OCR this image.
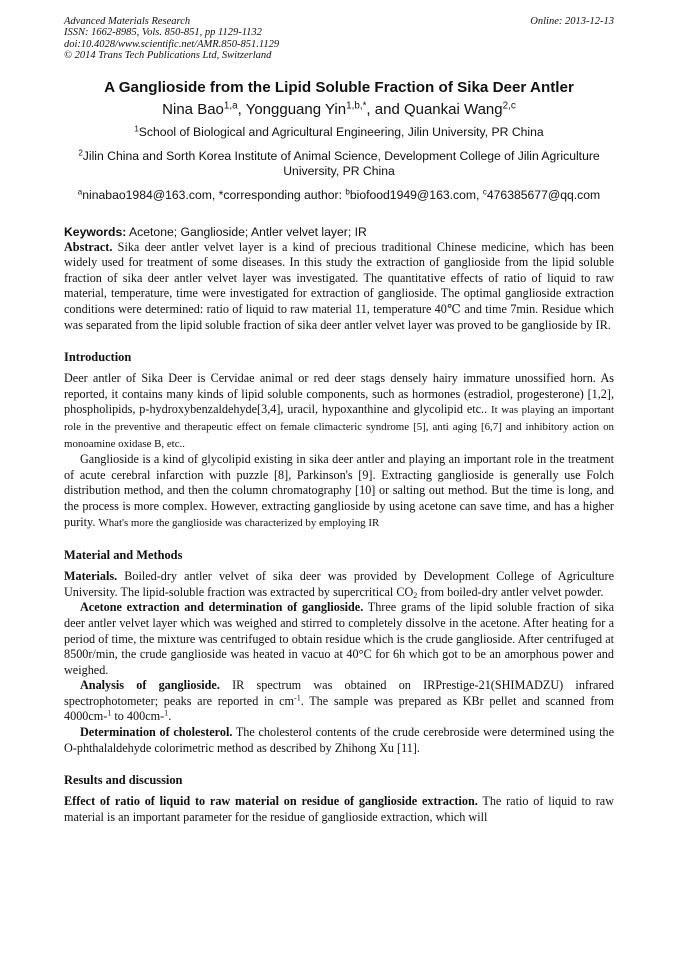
Advanced Materials Research
ISSN: 1662-8985, Vols. 850-851, pp 1129-1132
doi:10.4028/www.scientific.net/AMR.850-851.1129
© 2014 Trans Tech Publications Ltd, Switzerland
Online: 2013-12-13
A Ganglioside from the Lipid Soluble Fraction of Sika Deer Antler
Nina Bao$^{1,a}$, Yongguang Yin$^{1,b,*}$, and Quankai Wang$^{2,c}$
$^1$School of Biological and Agricultural Engineering, Jilin University, PR China
$^2$Jilin China and Sorth Korea Institute of Animal Science, Development College of Jilin Agriculture University, PR China
$^a$ninabao1984@163.com, *corresponding author: $^b$biofood1949@163.com, $^c$476385677@qq.com
Keywords: Acetone; Ganglioside; Antler velvet layer; IR

Abstract. Sika deer antler velvet layer is a kind of precious traditional Chinese medicine, which has been widely used for treatment of some diseases. In this study the extraction of ganglioside from the lipid soluble fraction of sika deer antler velvet layer was investigated. The quantitative effects of ratio of liquid to raw material, temperature, time were investigated for extraction of ganglioside. The optimal ganglioside extraction conditions were determined: ratio of liquid to raw material 11, temperature 40℃ and time 7min. Residue which was separated from the lipid soluble fraction of sika deer antler velvet layer was proved to be ganglioside by IR.

Introduction

Deer antler of Sika Deer is Cervidae animal or red deer stags densely hairy immature unossified horn. As reported, it contains many kinds of lipid soluble components, such as hormones (estradiol, progesterone) [1,2], phospholipids, p-hydroxybenzaldehyde[3,4], uracil, hypoxanthine and glycolipid etc.. It was playing an important role in the preventive and therapeutic effect on female climacteric syndrome [5], anti aging [6,7] and inhibitory action on monoamine oxidase B, etc..

Ganglioside is a kind of glycolipid existing in sika deer antler and playing an important role in the treatment of acute cerebral infarction with puzzle [8], Parkinson's [9]. Extracting ganglioside is generally use Folch distribution method, and then the column chromatography [10] or salting out method. But the time is long, and the process is more complex. However, extracting ganglioside by using acetone can save time, and has a higher purity. What's more the ganglioside was characterized by employing IR

Material and Methods

Materials. Boiled-dry antler velvet of sika deer was provided by Development College of Agriculture University. The lipid-soluble fraction was extracted by supercritical $CO_2$ from boiled-dry antler velvet powder.

Acetone extraction and determination of ganglioside. Three grams of the lipid soluble fraction of sika deer antler velvet layer which was weighed and stirred to completely dissolve in the acetone. After heating for a period of time, the mixture was centrifuged to obtain residue which is the crude ganglioside. After centrifuged at 8500r/min, the crude ganglioside was heated in vacuo at 40°C for 6h which got to be an amorphous power and weighed.

Analysis of ganglioside. IR spectrum was obtained on IRPrestige-21(SHIMADZU) infrared spectrophotometer; peaks are reported in $cm^{-1}$. The sample was prepared as KBr pellet and scanned from 4000cm-$^1$ to 400cm-$^1$.

Determination of cholesterol. The cholesterol contents of the crude cerebroside were determined using the O-phthalaldehyde colorimetric method as described by Zhihong Xu [11].

Results and discussion

Effect of ratio of liquid to raw material on residue of ganglioside extraction. The ratio of liquid to raw material is an important parameter for the residue of ganglioside extraction, which will
